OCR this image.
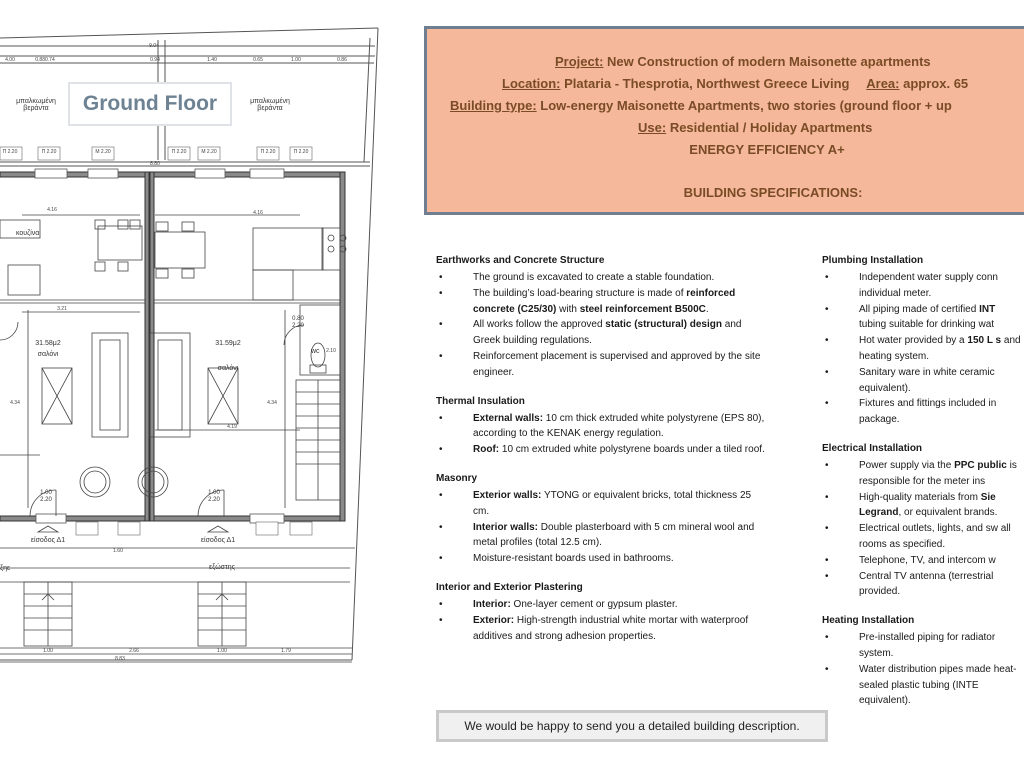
4.00	0.880.74
9.04
0.94	1.40	0.65	1.00	0.86
Ground Floor
μπαλκωμένη βεράντα
μπαλκωμένη βεράντα
Π 2.20	Π 2.20	Μ 2.20	Π 2.20	Μ 2.20	Π 2.20	Π 2.20
8.80
4.16	4.16
κουζίνα
3.21
31.58μ2
σαλόνι
31.59μ2
σαλόνι
4.34	4.34
4.19
wc 2.10
0.80
2.20
1.00
2.20
1.00
2.20
είσοδος Δ1	είσοδος Δ1
1.60
ξηε	εξώστης
1.00	2.66	1.00	1.79
8.83
Project: New Construction of modern Maisonette apartments
Location: Plataria - Thesprotia, Northwest Greece Living Area: approx. 65
Building type: Low-energy Maisonette Apartments, two stories (ground floor + up
Use: Residential / Holiday Apartments
ENERGY EFFICIENCY A+
BUILDING SPECIFICATIONS:
Earthworks and Concrete Structure
• The ground is excavated to create a stable foundation.
• The building’s load-bearing structure is made of reinforced concrete (C25/30) with steel reinforcement B500C.
• All works follow the approved static (structural) design and Greek building regulations.
• Reinforcement placement is supervised and approved by the site engineer.
Thermal Insulation
• External walls: 10 cm thick extruded white polystyrene (EPS 80), according to the KENAK energy regulation.
• Roof: 10 cm extruded white polystyrene boards under a tiled roof.
Masonry
• Exterior walls: YTONG or equivalent bricks, total thickness 25 cm.
• Interior walls: Double plasterboard with 5 cm mineral wool and metal profiles (total 12.5 cm).
• Moisture-resistant boards used in bathrooms.
Interior and Exterior Plastering
• Interior: One-layer cement or gypsum plaster.
• Exterior: High-strength industrial white mortar with waterproof additives and strong adhesion properties.
Plumbing Installation
• Independent water supply conn individual meter.
• All piping made of certified INT tubing suitable for drinking wat
• Hot water provided by a 150 L s and heating system.
• Sanitary ware in white ceramic equivalent).
• Fixtures and fittings included in package.
Electrical Installation
• Power supply via the PPC public is responsible for the meter ins
• High-quality materials from Sie Legrand, or equivalent brands.
• Electrical outlets, lights, and sw all rooms as specified.
• Telephone, TV, and intercom w
• Central TV antenna (terrestrial provided.
Heating Installation
• Pre-installed piping for radiator system.
• Water distribution pipes made heat-sealed plastic tubing (INTE equivalent).
We would be happy to send you a detailed building description.
